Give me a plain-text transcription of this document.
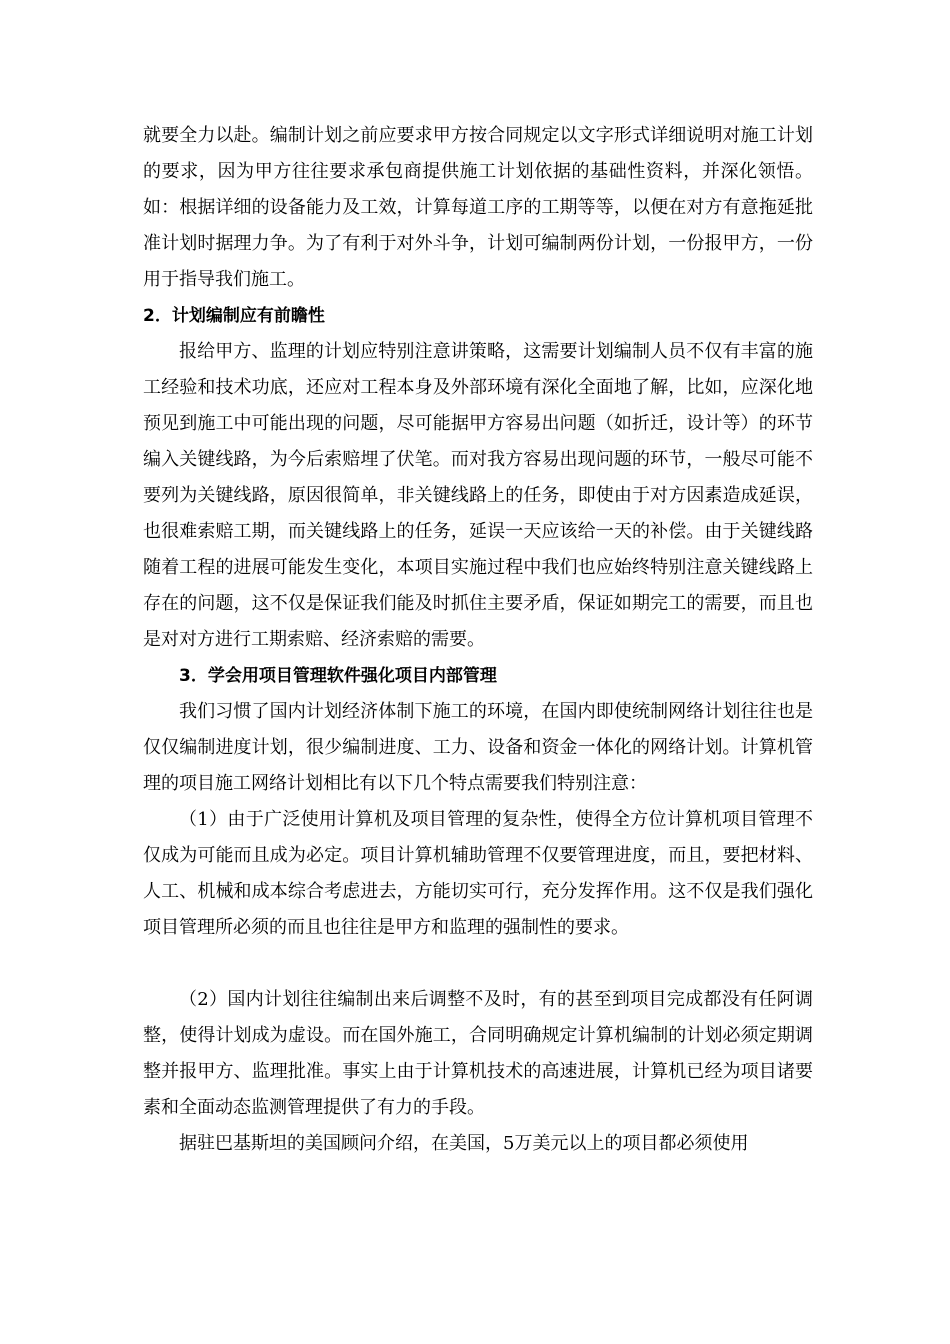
就要全力以赴。编制计划之前应要求甲方按合同规定以文字形式详细说明对施工计划的要求，因为甲方往往要求承包商提供施工计划依据的基础性资料，并深化领悟。如：根据详细的设备能力及工效，计算每道工序的工期等等，以便在对方有意拖延批准计划时据理力争。为了有利于对外斗争，计划可编制两份计划，一份报甲方，一份用于指导我们施工。

2．计划编制应有前瞻性

报给甲方、监理的计划应特别注意讲策略，这需要计划编制人员不仅有丰富的施工经验和技术功底，还应对工程本身及外部环境有深化全面地了解，比如，应深化地预见到施工中可能出现的问题，尽可能据甲方容易出问题（如折迁，设计等）的环节编入关键线路，为今后索赔埋了伏笔。而对我方容易出现问题的环节，一般尽可能不要列为关键线路，原因很简单，非关键线路上的任务，即使由于对方因素造成延误，也很难索赔工期，而关键线路上的任务，延误一天应该给一天的补偿。由于关键线路随着工程的进展可能发生变化，本项目实施过程中我们也应始终特别注意关键线路上存在的问题，这不仅是保证我们能及时抓住主要矛盾，保证如期完工的需要，而且也是对对方进行工期索赔、经济索赔的需要。

3．学会用项目管理软件强化项目内部管理

我们习惯了国内计划经济体制下施工的环境，在国内即使统制网络计划往往也是仅仅编制进度计划，很少编制进度、工力、设备和资金一体化的网络计划。计算机管理的项目施工网络计划相比有以下几个特点需要我们特别注意：

（1）由于广泛使用计算机及项目管理的复杂性，使得全方位计算机项目管理不仅成为可能而且成为必定。项目计算机辅助管理不仅要管理进度，而且，要把材料、人工、机械和成本综合考虑进去，方能切实可行，充分发挥作用。这不仅是我们强化项目管理所必须的而且也往往是甲方和监理的强制性的要求。

（2）国内计划往往编制出来后调整不及时，有的甚至到项目完成都没有任阿调整，使得计划成为虚设。而在国外施工，合同明确规定计算机编制的计划必须定期调整并报甲方、监理批准。事实上由于计算机技术的高速进展，计算机已经为项目诸要素和全面动态监测管理提供了有力的手段。

据驻巴基斯坦的美国顾问介绍，在美国，5万美元以上的项目都必须使用
